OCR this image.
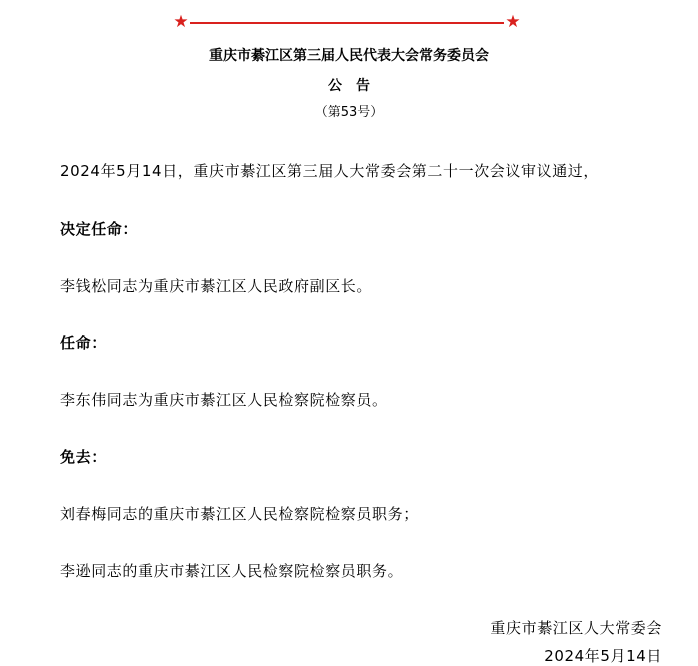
★	★
重庆市綦江区第三届人民代表大会常务委员会
公告
（第53号）
2024年5月14日，重庆市綦江区第三届人大常委会第二十一次会议审议通过，
决定任命：
李钱松同志为重庆市綦江区人民政府副区长。
任命：
李东伟同志为重庆市綦江区人民检察院检察员。
免去：
刘春梅同志的重庆市綦江区人民检察院检察员职务；
李逊同志的重庆市綦江区人民检察院检察员职务。
重庆市綦江区人大常委会
2024年5月14日
